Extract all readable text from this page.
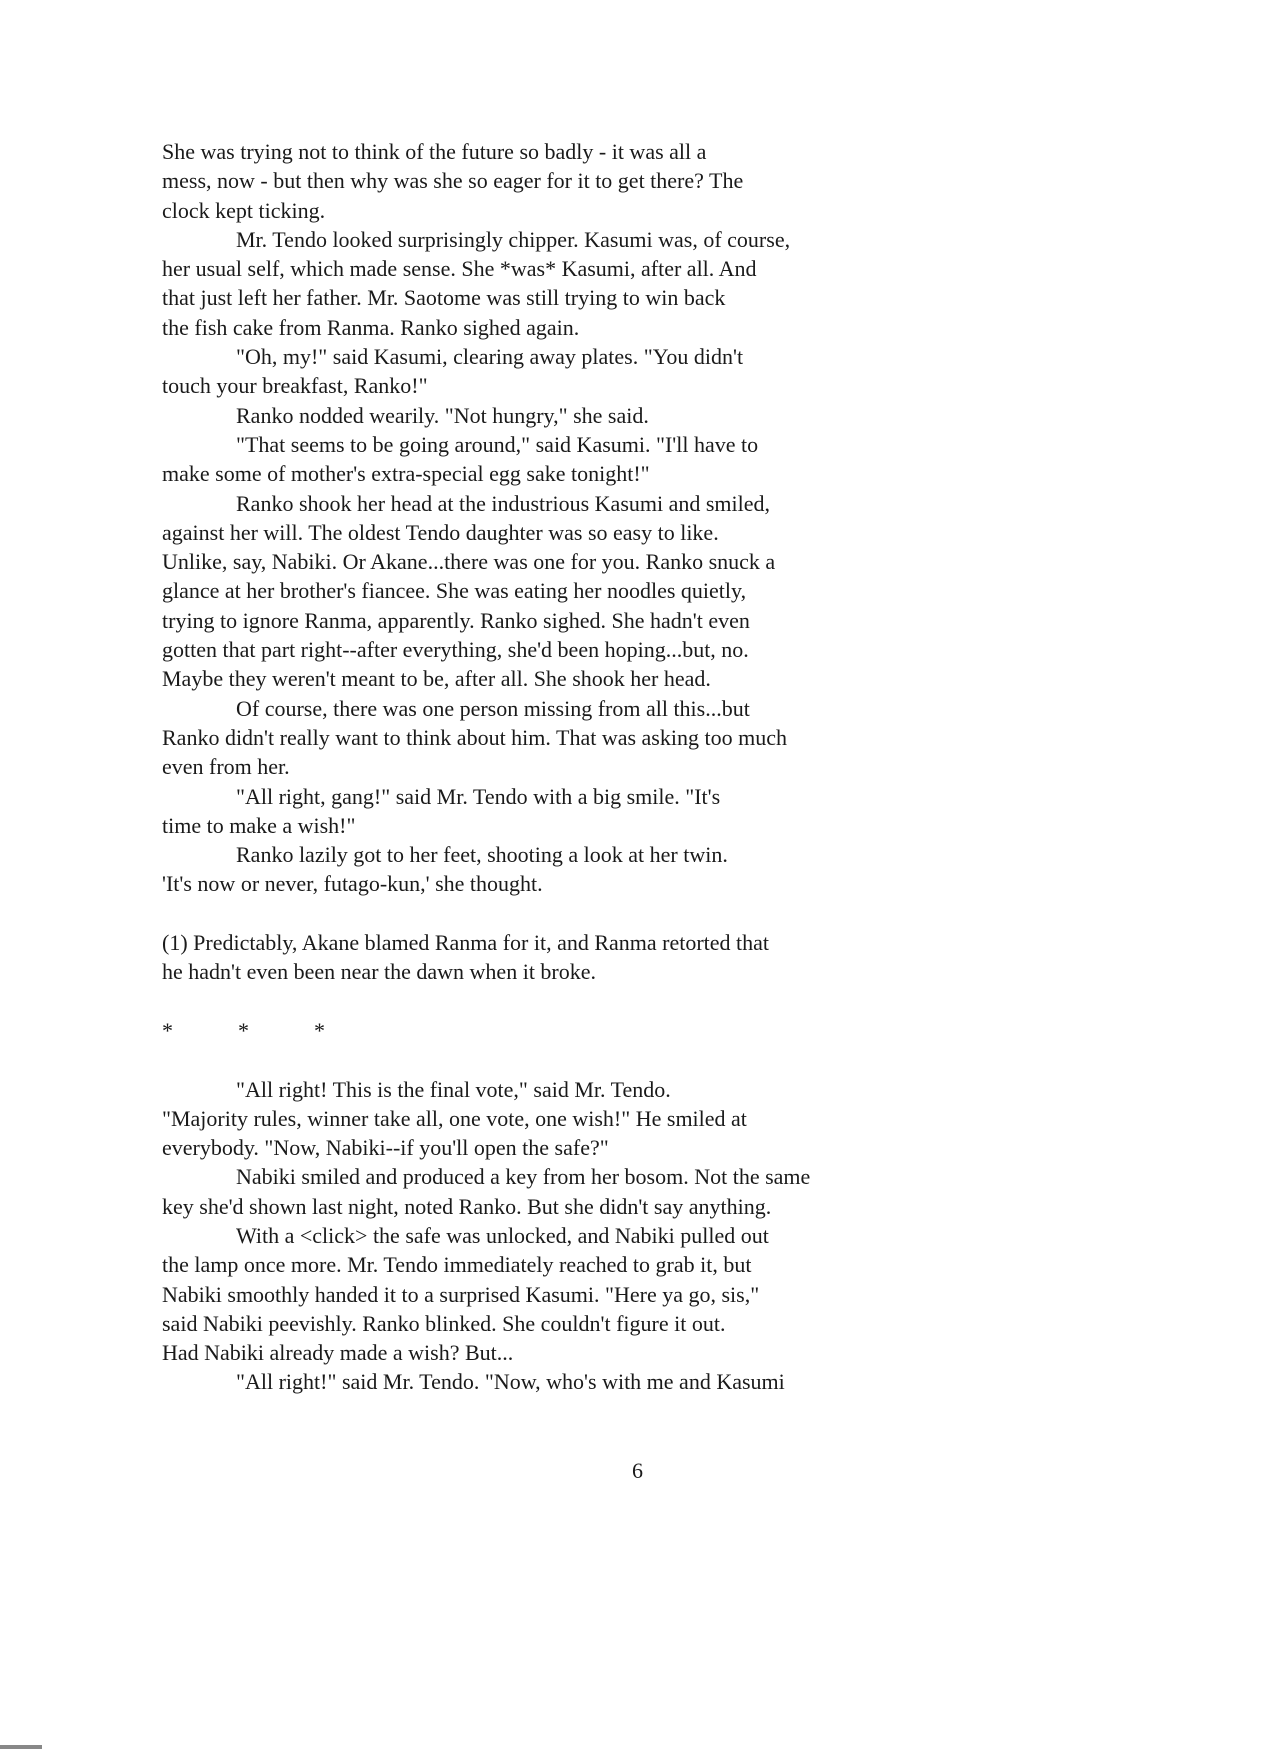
She was trying not to think of the future so badly - it was all a
mess, now - but then why was she so eager for it to get there? The
clock kept ticking.
Mr. Tendo looked surprisingly chipper. Kasumi was, of course,
her usual self, which made sense. She *was* Kasumi, after all. And
that just left her father. Mr. Saotome was still trying to win back
the fish cake from Ranma. Ranko sighed again.
"Oh, my!" said Kasumi, clearing away plates. "You didn't
touch your breakfast, Ranko!"
Ranko nodded wearily. "Not hungry," she said.
"That seems to be going around," said Kasumi. "I'll have to
make some of mother's extra-special egg sake tonight!"
Ranko shook her head at the industrious Kasumi and smiled,
against her will. The oldest Tendo daughter was so easy to like.
Unlike, say, Nabiki. Or Akane...there was one for you. Ranko snuck a
glance at her brother's fiancee. She was eating her noodles quietly,
trying to ignore Ranma, apparently. Ranko sighed. She hadn't even
gotten that part right--after everything, she'd been hoping...but, no.
Maybe they weren't meant to be, after all. She shook her head.
Of course, there was one person missing from all this...but
Ranko didn't really want to think about him. That was asking too much
even from her.
"All right, gang!" said Mr. Tendo with a big smile. "It's
time to make a wish!"
Ranko lazily got to her feet, shooting a look at her twin.
'It's now or never, futago-kun,' she thought.
(1) Predictably, Akane blamed Ranma for it, and Ranma retorted that
he hadn't even been near the dawn when it broke.
*	*	*
"All right! This is the final vote," said Mr. Tendo.
"Majority rules, winner take all, one vote, one wish!" He smiled at
everybody. "Now, Nabiki--if you'll open the safe?"
Nabiki smiled and produced a key from her bosom. Not the same
key she'd shown last night, noted Ranko. But she didn't say anything.
With a <click> the safe was unlocked, and Nabiki pulled out
the lamp once more. Mr. Tendo immediately reached to grab it, but
Nabiki smoothly handed it to a surprised Kasumi. "Here ya go, sis,"
said Nabiki peevishly. Ranko blinked. She couldn't figure it out.
Had Nabiki already made a wish? But...
"All right!" said Mr. Tendo. "Now, who's with me and Kasumi
6
